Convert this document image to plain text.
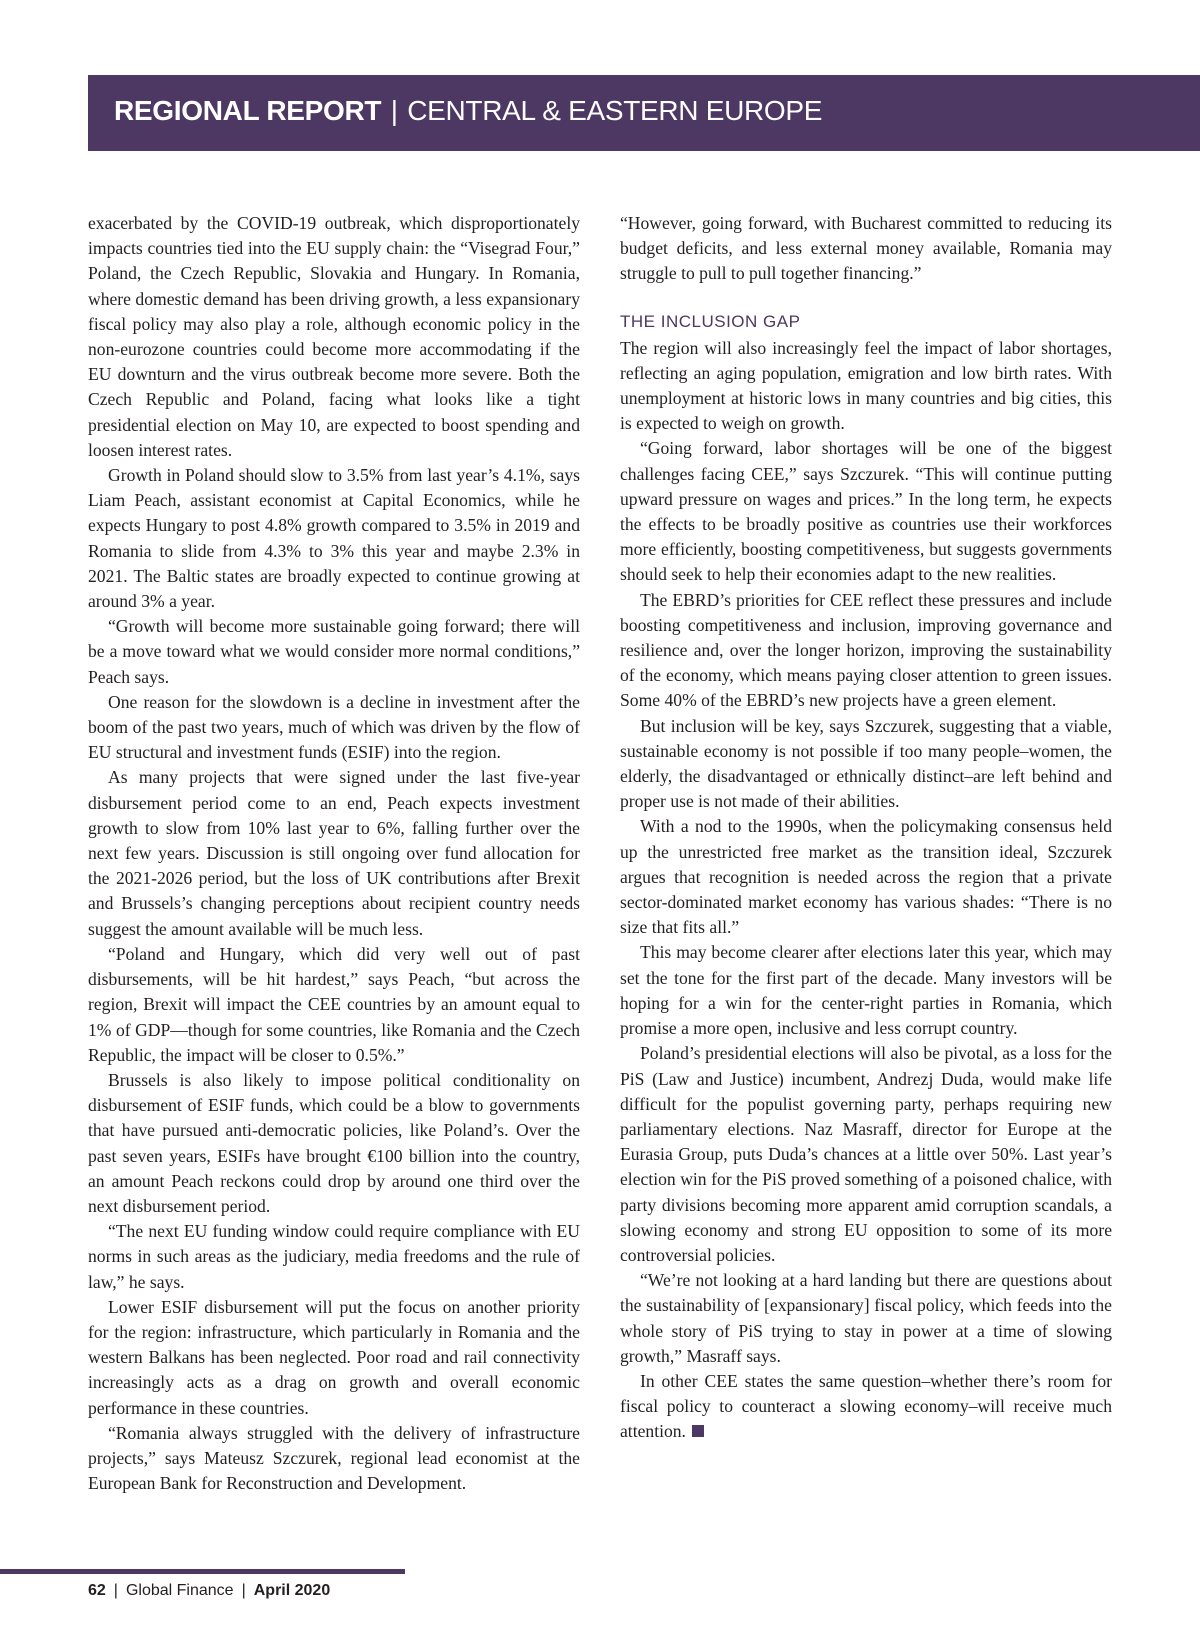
REGIONAL REPORT | CENTRAL & EASTERN EUROPE

exacerbated by the COVID-19 outbreak, which disproportionately impacts countries tied into the EU supply chain: the “Visegrad Four,” Poland, the Czech Republic, Slovakia and Hungary. In Romania, where domestic demand has been driving growth, a less expansionary fiscal policy may also play a role, although economic policy in the non-eurozone countries could become more accommodating if the EU downturn and the virus outbreak become more severe. Both the Czech Republic and Poland, facing what looks like a tight presidential election on May 10, are expected to boost spending and loosen interest rates.

Growth in Poland should slow to 3.5% from last year’s 4.1%, says Liam Peach, assistant economist at Capital Economics, while he expects Hungary to post 4.8% growth compared to 3.5% in 2019 and Romania to slide from 4.3% to 3% this year and maybe 2.3% in 2021. The Baltic states are broadly expected to continue growing at around 3% a year.

“Growth will become more sustainable going forward; there will be a move toward what we would consider more normal conditions,” Peach says.

One reason for the slowdown is a decline in investment after the boom of the past two years, much of which was driven by the flow of EU structural and investment funds (ESIF) into the region.

As many projects that were signed under the last five-year disbursement period come to an end, Peach expects investment growth to slow from 10% last year to 6%, falling further over the next few years. Discussion is still ongoing over fund allocation for the 2021-2026 period, but the loss of UK contributions after Brexit and Brussels’s changing perceptions about recipient country needs suggest the amount available will be much less.

“Poland and Hungary, which did very well out of past disbursements, will be hit hardest,” says Peach, “but across the region, Brexit will impact the CEE countries by an amount equal to 1% of GDP—though for some countries, like Romania and the Czech Republic, the impact will be closer to 0.5%.”

Brussels is also likely to impose political conditionality on disbursement of ESIF funds, which could be a blow to governments that have pursued anti-democratic policies, like Poland’s. Over the past seven years, ESIFs have brought €100 billion into the country, an amount Peach reckons could drop by around one third over the next disbursement period.

“The next EU funding window could require compliance with EU norms in such areas as the judiciary, media freedoms and the rule of law,” he says.

Lower ESIF disbursement will put the focus on another priority for the region: infrastructure, which particularly in Romania and the western Balkans has been neglected. Poor road and rail connectivity increasingly acts as a drag on growth and overall economic performance in these countries.

“Romania always struggled with the delivery of infrastructure projects,” says Mateusz Szczurek, regional lead economist at the European Bank for Reconstruction and Development.

“However, going forward, with Bucharest committed to reducing its budget deficits, and less external money available, Romania may struggle to pull to pull together financing.”

THE INCLUSION GAP

The region will also increasingly feel the impact of labor shortages, reflecting an aging population, emigration and low birth rates. With unemployment at historic lows in many countries and big cities, this is expected to weigh on growth.

“Going forward, labor shortages will be one of the biggest challenges facing CEE,” says Szczurek. “This will continue putting upward pressure on wages and prices.” In the long term, he expects the effects to be broadly positive as countries use their workforces more efficiently, boosting competitiveness, but suggests governments should seek to help their economies adapt to the new realities.

The EBRD’s priorities for CEE reflect these pressures and include boosting competitiveness and inclusion, improving governance and resilience and, over the longer horizon, improving the sustainability of the economy, which means paying closer attention to green issues. Some 40% of the EBRD’s new projects have a green element.

But inclusion will be key, says Szczurek, suggesting that a viable, sustainable economy is not possible if too many people–women, the elderly, the disadvantaged or ethnically distinct–are left behind and proper use is not made of their abilities.

With a nod to the 1990s, when the policymaking consensus held up the unrestricted free market as the transition ideal, Szczurek argues that recognition is needed across the region that a private sector-dominated market economy has various shades: “There is no size that fits all.”

This may become clearer after elections later this year, which may set the tone for the first part of the decade. Many investors will be hoping for a win for the center-right parties in Romania, which promise a more open, inclusive and less corrupt country.

Poland’s presidential elections will also be pivotal, as a loss for the PiS (Law and Justice) incumbent, Andrezj Duda, would make life difficult for the populist governing party, perhaps requiring new parliamentary elections. Naz Masraff, director for Europe at the Eurasia Group, puts Duda’s chances at a little over 50%. Last year’s election win for the PiS proved something of a poisoned chalice, with party divisions becoming more apparent amid corruption scandals, a slowing economy and strong EU opposition to some of its more controversial policies.

“We’re not looking at a hard landing but there are questions about the sustainability of [expansionary] fiscal policy, which feeds into the whole story of PiS trying to stay in power at a time of slowing growth,” Masraff says.

In other CEE states the same question–whether there’s room for fiscal policy to counteract a slowing economy–will receive much attention.

62 | Global Finance | April 2020
